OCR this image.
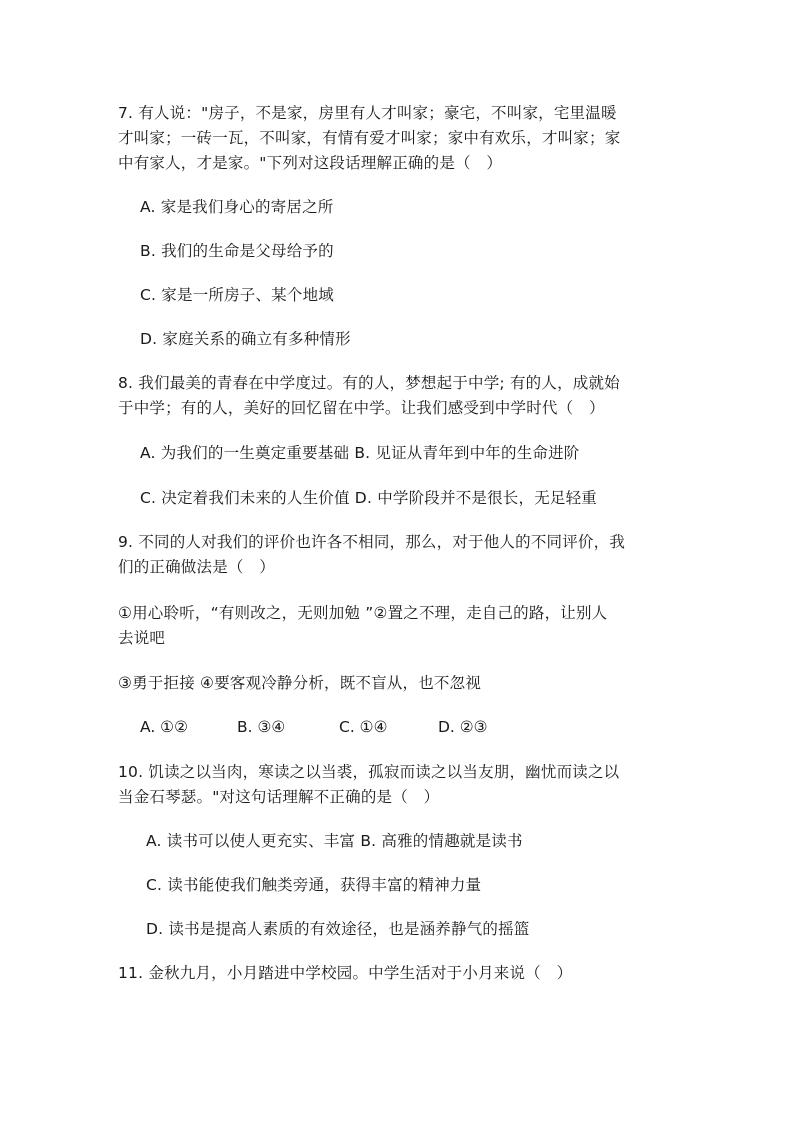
7. 有人说："房子，不是家，房里有人才叫家；豪宅，不叫家，宅里温暖
才叫家；一砖一瓦，不叫家，有情有爱才叫家；家中有欢乐，才叫家；家
中有家人，才是家。"下列对这段话理解正确的是（　）
A. 家是我们身心的寄居之所
B. 我们的生命是父母给予的
C. 家是一所房子、某个地域
D. 家庭关系的确立有多种情形
8. 我们最美的青春在中学度过。有的人，梦想起于中学; 有的人，成就始
于中学；有的人，美好的回忆留在中学。让我们感受到中学时代（　）
A. 为我们的一生奠定重要基础 B. 见证从青年到中年的生命进阶
C. 决定着我们未来的人生价值 D. 中学阶段并不是很长，无足轻重
9. 不同的人对我们的评价也许各不相同，那么，对于他人的不同评价，我
们的正确做法是（　）
①用心聆听，“有则改之，无则加勉 ”②置之不理，走自己的路，让别人
去说吧
③勇于拒接 ④要客观冷静分析，既不盲从，也不忽视
A. ①②	B. ③④	C. ①④	D. ②③
10. 饥读之以当肉，寒读之以当裘，孤寂而读之以当友朋，幽忧而读之以
当金石琴瑟。"对这句话理解不正确的是（　）
A. 读书可以使人更充实、丰富 B. 高雅的情趣就是读书
C. 读书能使我们触类旁通，获得丰富的精神力量
D. 读书是提高人素质的有效途径，也是涵养静气的摇篮
11. 金秋九月，小月踏进中学校园。中学生活对于小月来说（　）
